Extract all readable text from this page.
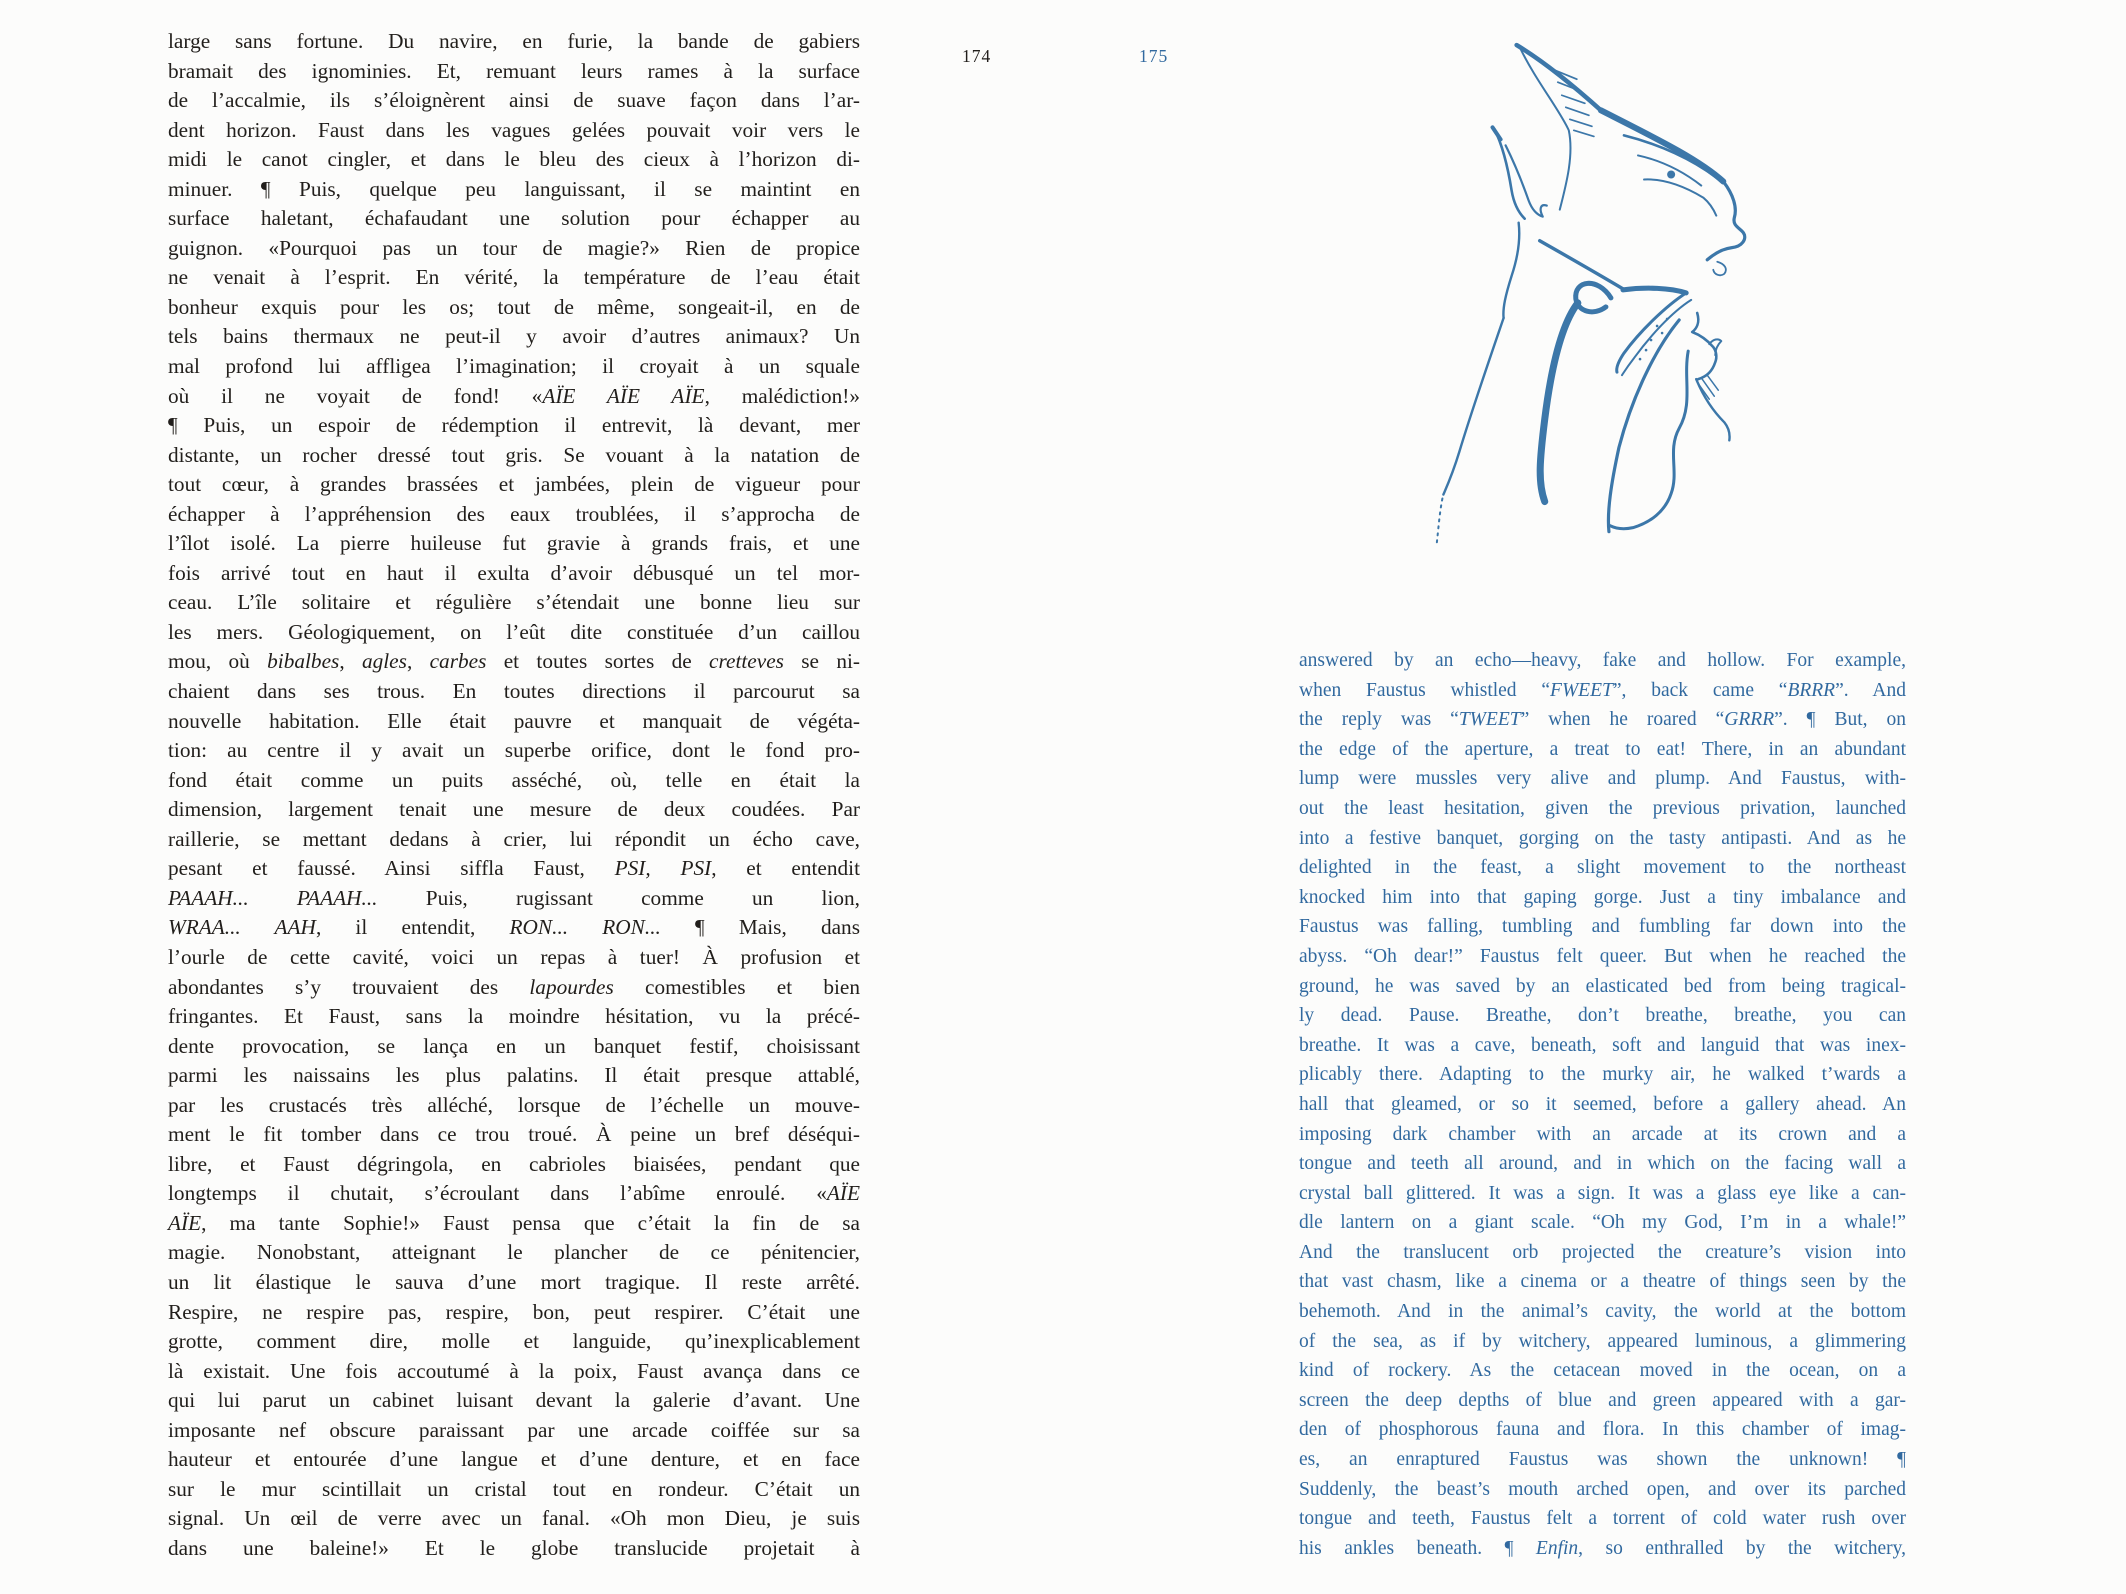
large sans fortune. Du navire, en furie, la bande de gabiers
bramait des ignominies. Et, remuant leurs rames à la surface
de l’accalmie, ils s’éloignèrent ainsi de suave façon dans l’ar-
dent horizon. Faust dans les vagues gelées pouvait voir vers le
midi le canot cingler, et dans le bleu des cieux à l’horizon di-
minuer. ¶ Puis, quelque peu languissant, il se maintint en
surface haletant, échafaudant une solution pour échapper au
guignon. «Pourquoi pas un tour de magie?» Rien de propice
ne venait à l’esprit. En vérité, la température de l’eau était
bonheur exquis pour les os; tout de même, songeait-il, en de
tels bains thermaux ne peut-il y avoir d’autres animaux? Un
mal profond lui affligea l’imagination; il croyait à un squale
où il ne voyait de fond! «AÏE AÏE AÏE, malédiction!»
¶ Puis, un espoir de rédemption il entrevit, là devant, mer
distante, un rocher dressé tout gris. Se vouant à la natation de
tout cœur, à grandes brassées et jambées, plein de vigueur pour
échapper à l’appréhension des eaux troublées, il s’approcha de
l’îlot isolé. La pierre huileuse fut gravie à grands frais, et une
fois arrivé tout en haut il exulta d’avoir débusqué un tel mor-
ceau. L’île solitaire et régulière s’étendait une bonne lieu sur
les mers. Géologiquement, on l’eût dite constituée d’un caillou
mou, où bibalbes, agles, carbes et toutes sortes de cretteves se ni-
chaient dans ses trous. En toutes directions il parcourut sa
nouvelle habitation. Elle était pauvre et manquait de végéta-
tion: au centre il y avait un superbe orifice, dont le fond pro-
fond était comme un puits asséché, où, telle en était la
dimension, largement tenait une mesure de deux coudées. Par
raillerie, se mettant dedans à crier, lui répondit un écho cave,
pesant et faussé. Ainsi siffla Faust, PSI, PSI, et entendit
PAAAH... PAAAH... Puis, rugissant comme un lion,
WRAA... AAH, il entendit, RON... RON... ¶ Mais, dans
l’ourle de cette cavité, voici un repas à tuer! À profusion et
abondantes s’y trouvaient des lapourdes comestibles et bien
fringantes. Et Faust, sans la moindre hésitation, vu la précé-
dente provocation, se lança en un banquet festif, choisissant
parmi les naissains les plus palatins. Il était presque attablé,
par les crustacés très alléché, lorsque de l’échelle un mouve-
ment le fit tomber dans ce trou troué. À peine un bref déséqui-
libre, et Faust dégringola, en cabrioles biaisées, pendant que
longtemps il chutait, s’écroulant dans l’abîme enroulé. «AÏE
AÏE, ma tante Sophie!» Faust pensa que c’était la fin de sa
magie. Nonobstant, atteignant le plancher de ce pénitencier,
un lit élastique le sauva d’une mort tragique. Il reste arrêté.
Respire, ne respire pas, respire, bon, peut respirer. C’était une
grotte, comment dire, molle et languide, qu’inexplicablement
là existait. Une fois accoutumé à la poix, Faust avança dans ce
qui lui parut un cabinet luisant devant la galerie d’avant. Une
imposante nef obscure paraissant par une arcade coiffée sur sa
hauteur et entourée d’une langue et d’une denture, et en face
sur le mur scintillait un cristal tout en rondeur. C’était un
signal. Un œil de verre avec un fanal. «Oh mon Dieu, je suis
dans une baleine!» Et le globe translucide projetait à
174	175
answered by an echo—heavy, fake and hollow. For example,
when Faustus whistled “FWEET”, back came “BRRR”. And
the reply was “TWEET” when he roared “GRRR”. ¶ But, on
the edge of the aperture, a treat to eat! There, in an abundant
lump were mussles very alive and plump. And Faustus, with-
out the least hesitation, given the previous privation, launched
into a festive banquet, gorging on the tasty antipasti. And as he
delighted in the feast, a slight movement to the northeast
knocked him into that gaping gorge. Just a tiny imbalance and
Faustus was falling, tumbling and fumbling far down into the
abyss. “Oh dear!” Faustus felt queer. But when he reached the
ground, he was saved by an elasticated bed from being tragical-
ly dead. Pause. Breathe, don’t breathe, breathe, you can
breathe. It was a cave, beneath, soft and languid that was inex-
plicably there. Adapting to the murky air, he walked t’wards a
hall that gleamed, or so it seemed, before a gallery ahead. An
imposing dark chamber with an arcade at its crown and a
tongue and teeth all around, and in which on the facing wall a
crystal ball glittered. It was a sign. It was a glass eye like a can-
dle lantern on a giant scale. “Oh my God, I’m in a whale!”
And the translucent orb projected the creature’s vision into
that vast chasm, like a cinema or a theatre of things seen by the
behemoth. And in the animal’s cavity, the world at the bottom
of the sea, as if by witchery, appeared luminous, a glimmering
kind of rockery. As the cetacean moved in the ocean, on a
screen the deep depths of blue and green appeared with a gar-
den of phosphorous fauna and flora. In this chamber of imag-
es, an enraptured Faustus was shown the unknown! ¶
Suddenly, the beast’s mouth arched open, and over its parched
tongue and teeth, Faustus felt a torrent of cold water rush over
his ankles beneath. ¶ Enfin, so enthralled by the witchery,
